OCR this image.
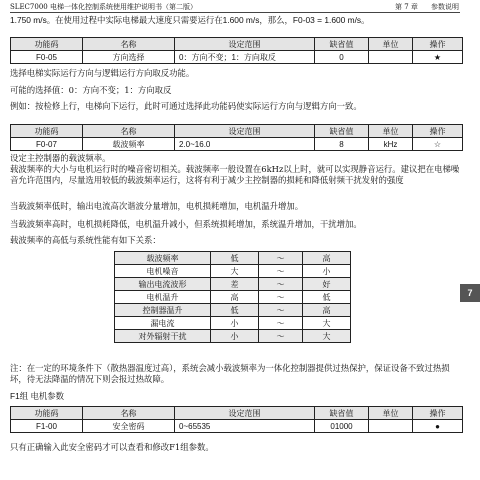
SLEC7000 电梯一体化控制系统使用维护说明书（第二版）	第 7 章 参数说明
1.750 m/s。在使用过程中实际电梯最大速度只需要运行在1.600 m/s，那么，F0-03 = 1.600 m/s。
功能码	名称	设定范围	缺省值	单位	操作
F0-05	方向选择	0：方向不变；1：方向取反	0		★
选择电梯实际运行方向与逻辑运行方向取反功能。
可能的选择值：0：方向不变；1：方向取反
例如：按检修上行，电梯向下运行，此时可通过选择此功能码使实际运行方向与逻辑方向一致。
功能码	名称	设定范围	缺省值	单位	操作
F0-07	载波频率	2.0~16.0	8	kHz	☆
设定主控制器的载波频率。
载波频率的大小与电机运行时的噪音密切相关。载波频率一般设置在6kHz以上时，就可以实现静音运行。建议把在电梯噪音允许范围内，尽量选用较低的载波频率运行，这将有利于减少主控制器的损耗和降低射频干扰发射的强度
当载波频率低时，输出电流高次谐波分量增加，电机损耗增加，电机温升增加。
当载波频率高时，电机损耗降低，电机温升减小，但系统损耗增加，系统温升增加，干扰增加。
载波频率的高低与系统性能有如下关系：
载波频率	低	～	高
电机噪音	大	～	小
输出电流波形	差	～	好
电机温升	高	～	低
控制器温升	低	～	高
漏电流	小	～	大
对外辐射干扰	小	～	大
注：在一定的环境条件下（散热器温度过高），系统会减小载波频率为一体化控制器提供过热保护，保证设备不致过热损坏，待无法降温的情况下则会报过热故障。
F1组 电机参数
功能码	名称	设定范围	缺省值	单位	操作
F1-00	安全密码	0~65535	01000		●
只有正确输入此安全密码才可以查看和修改F1组参数。
7
